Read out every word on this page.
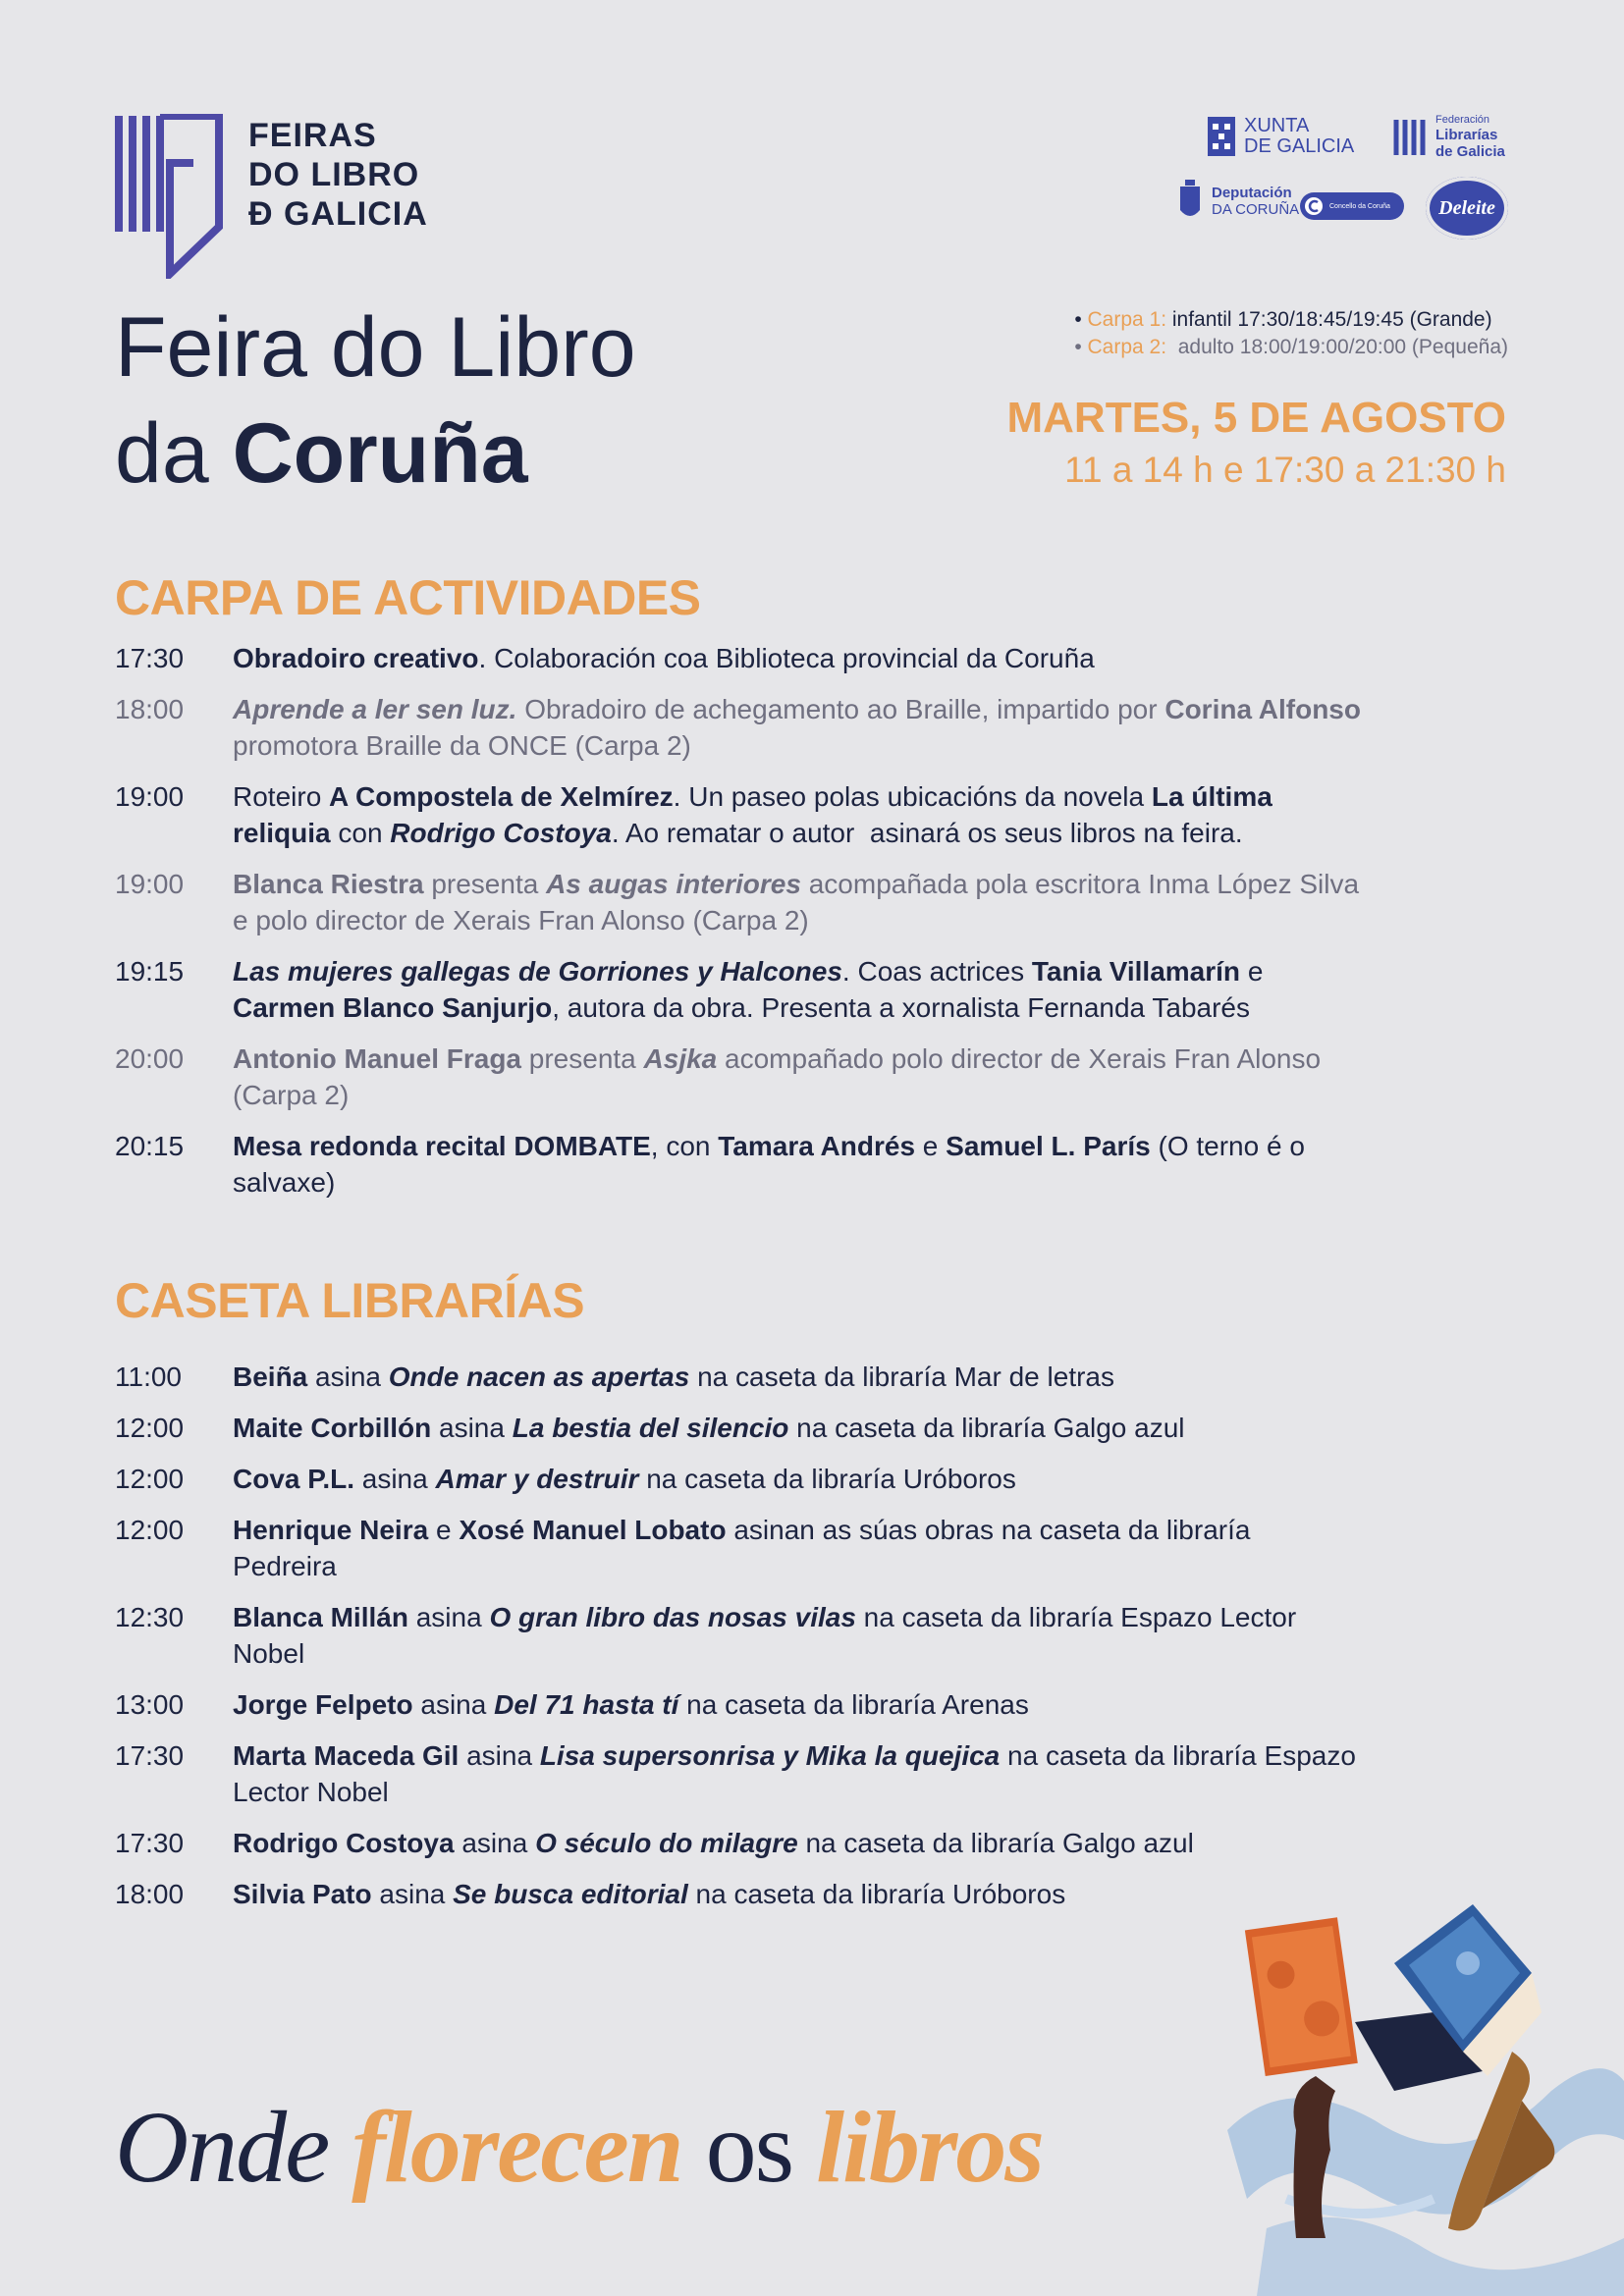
FEIRAS
DO LIBRO
Đ GALICIA
XUNTA
DE GALICIA
Federación
Librarías
de Galicia
Deputación
DA CORUÑA	Concello da Coruña Deleite
Feira do Libro
da Coruña
• Carpa 1: infantil 17:30/18:45/19:45 (Grande)
• Carpa 2:  adulto 18:00/19:00/20:00 (Pequeña)
MARTES, 5 DE AGOSTO
11 a 14 h e 17:30 a 21:30 h
CARPA DE ACTIVIDADES
17:30	Obradoiro creativo. Colaboración coa Biblioteca provincial da Coruña
18:00	Aprende a ler sen luz. Obradoiro de achegamento ao Braille, impartido por Corina Alfonso promotora Braille da ONCE (Carpa 2)
19:00	Roteiro A Compostela de Xelmírez. Un paseo polas ubicacións da novela La última reliquia con Rodrigo Costoya. Ao rematar o autor  asinará os seus libros na feira.
19:00	Blanca Riestra presenta As augas interiores acompañada pola escritora Inma López Silva e polo director de Xerais Fran Alonso (Carpa 2)
19:15	Las mujeres gallegas de Gorriones y Halcones. Coas actrices Tania Villamarín e Carmen Blanco Sanjurjo, autora da obra. Presenta a xornalista Fernanda Tabarés
20:00	Antonio Manuel Fraga presenta Asjka acompañado polo director de Xerais Fran Alonso (Carpa 2)
20:15	Mesa redonda recital DOMBATE, con Tamara Andrés e Samuel L. París (O terno é o salvaxe)
CASETA LIBRARÍAS
11:00	Beiña asina Onde nacen as apertas na caseta da libraría Mar de letras
12:00	Maite Corbillón asina La bestia del silencio na caseta da libraría Galgo azul
12:00	Cova P.L. asina Amar y destruir na caseta da libraría Uróboros
12:00	Henrique Neira e Xosé Manuel Lobato asinan as súas obras na caseta da libraría Pedreira
12:30	Blanca Millán asina O gran libro das nosas vilas na caseta da libraría Espazo Lector Nobel
13:00	Jorge Felpeto asina Del 71 hasta tí na caseta da libraría Arenas
17:30	Marta Maceda Gil asina Lisa supersonrisa y Mika la quejica na caseta da libraría Espazo Lector Nobel
17:30	Rodrigo Costoya asina O século do milagre na caseta da libraría Galgo azul
18:00	Silvia Pato asina Se busca editorial na caseta da libraría Uróboros
Onde florecen os libros
